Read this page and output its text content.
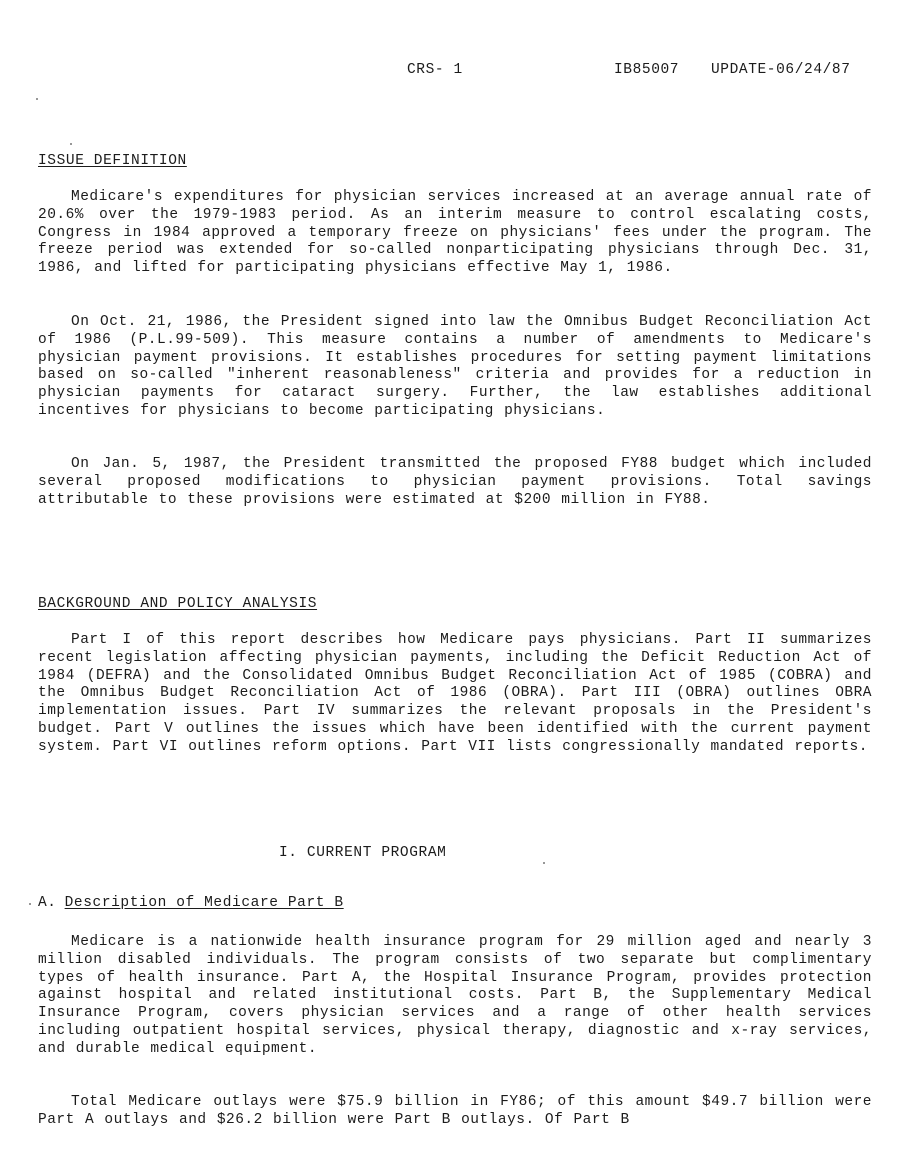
CRS- 1	IB85007 UPDATE-06/24/87
ISSUE DEFINITION

Medicare's expenditures for physician services increased at an average annual rate of 20.6% over the 1979-1983 period. As an interim measure to control escalating costs, Congress in 1984 approved a temporary freeze on physicians' fees under the program. The freeze period was extended for so-called nonparticipating physicians through Dec. 31, 1986, and lifted for participating physicians effective May 1, 1986.

On Oct. 21, 1986, the President signed into law the Omnibus Budget Reconciliation Act of 1986 (P.L.99-509). This measure contains a number of amendments to Medicare's physician payment provisions. It establishes procedures for setting payment limitations based on so-called "inherent reasonableness" criteria and provides for a reduction in physician payments for cataract surgery. Further, the law establishes additional incentives for physicians to become participating physicians.

On Jan. 5, 1987, the President transmitted the proposed FY88 budget which included several proposed modifications to physician payment provisions. Total savings attributable to these provisions were estimated at $200 million in FY88.

BACKGROUND AND POLICY ANALYSIS

Part I of this report describes how Medicare pays physicians. Part II summarizes recent legislation affecting physician payments, including the Deficit Reduction Act of 1984 (DEFRA) and the Consolidated Omnibus Budget Reconciliation Act of 1985 (COBRA) and the Omnibus Budget Reconciliation Act of 1986 (OBRA). Part III (OBRA) outlines OBRA implementation issues. Part IV summarizes the relevant proposals in the President's budget. Part V outlines the issues which have been identified with the current payment system. Part VI outlines reform options. Part VII lists congressionally mandated reports.

I. CURRENT PROGRAM
A. Description of Medicare Part B

Medicare is a nationwide health insurance program for 29 million aged and nearly 3 million disabled individuals. The program consists of two separate but complimentary types of health insurance. Part A, the Hospital Insurance Program, provides protection against hospital and related institutional costs. Part B, the Supplementary Medical Insurance Program, covers physician services and a range of other health services including outpatient hospital services, physical therapy, diagnostic and x-ray services, and durable medical equipment.

Total Medicare outlays were $75.9 billion in FY86; of this amount $49.7 billion were Part A outlays and $26.2 billion were Part B outlays. Of Part B
